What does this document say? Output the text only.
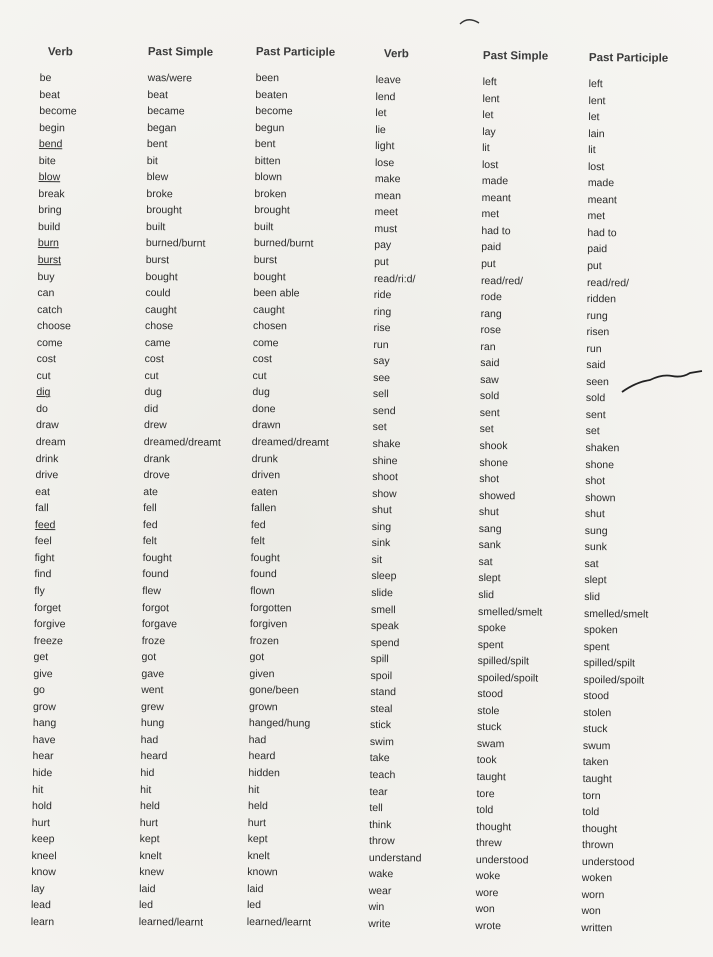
Verb
be
beat
become
begin
bend
bite
blow
break
bring
build
burn
burst
buy
can
catch
choose
come
cost
cut
dig
do
draw
dream
drink
drive
eat
fall
feed
feel
fight
find
fly
forget
forgive
freeze
get
give
go
grow
hang
have
hear
hide
hit
hold
hurt
keep
kneel
know
lay
lead
learn
Past Simple
was/were
beat
became
began
bent
bit
blew
broke
brought
built
burned/burnt
burst
bought
could
caught
chose
came
cost
cut
dug
did
drew
dreamed/dreamt
drank
drove
ate
fell
fed
felt
fought
found
flew
forgot
forgave
froze
got
gave
went
grew
hung
had
heard
hid
hit
held
hurt
kept
knelt
knew
laid
led
learned/learnt
Past Participle
been
beaten
become
begun
bent
bitten
blown
broken
brought
built
burned/burnt
burst
bought
been able
caught
chosen
come
cost
cut
dug
done
drawn
dreamed/dreamt
drunk
driven
eaten
fallen
fed
felt
fought
found
flown
forgotten
forgiven
frozen
got
given
gone/been
grown
hanged/hung
had
heard
hidden
hit
held
hurt
kept
knelt
known
laid
led
learned/learnt
Verb
leave
lend
let
lie
light
lose
make
mean
meet
must
pay
put
read/ri:d/
ride
ring
rise
run
say
see
sell
send
set
shake
shine
shoot
show
shut
sing
sink
sit
sleep
slide
smell
speak
spend
spill
spoil
stand
steal
stick
swim
take
teach
tear
tell
think
throw
understand
wake
wear
win
write
Past Simple
left
lent
let
lay
lit
lost
made
meant
met
had to
paid
put
read/red/
rode
rang
rose
ran
said
saw
sold
sent
set
shook
shone
shot
showed
shut
sang
sank
sat
slept
slid
smelled/smelt
spoke
spent
spilled/spilt
spoiled/spoilt
stood
stole
stuck
swam
took
taught
tore
told
thought
threw
understood
woke
wore
won
wrote
Past Participle
left
lent
let
lain
lit
lost
made
meant
met
had to
paid
put
read/red/
ridden
rung
risen
run
said
seen
sold
sent
set
shaken
shone
shot
shown
shut
sung
sunk
sat
slept
slid
smelled/smelt
spoken
spent
spilled/spilt
spoiled/spoilt
stood
stolen
stuck
swum
taken
taught
torn
told
thought
thrown
understood
woken
worn
won
written
